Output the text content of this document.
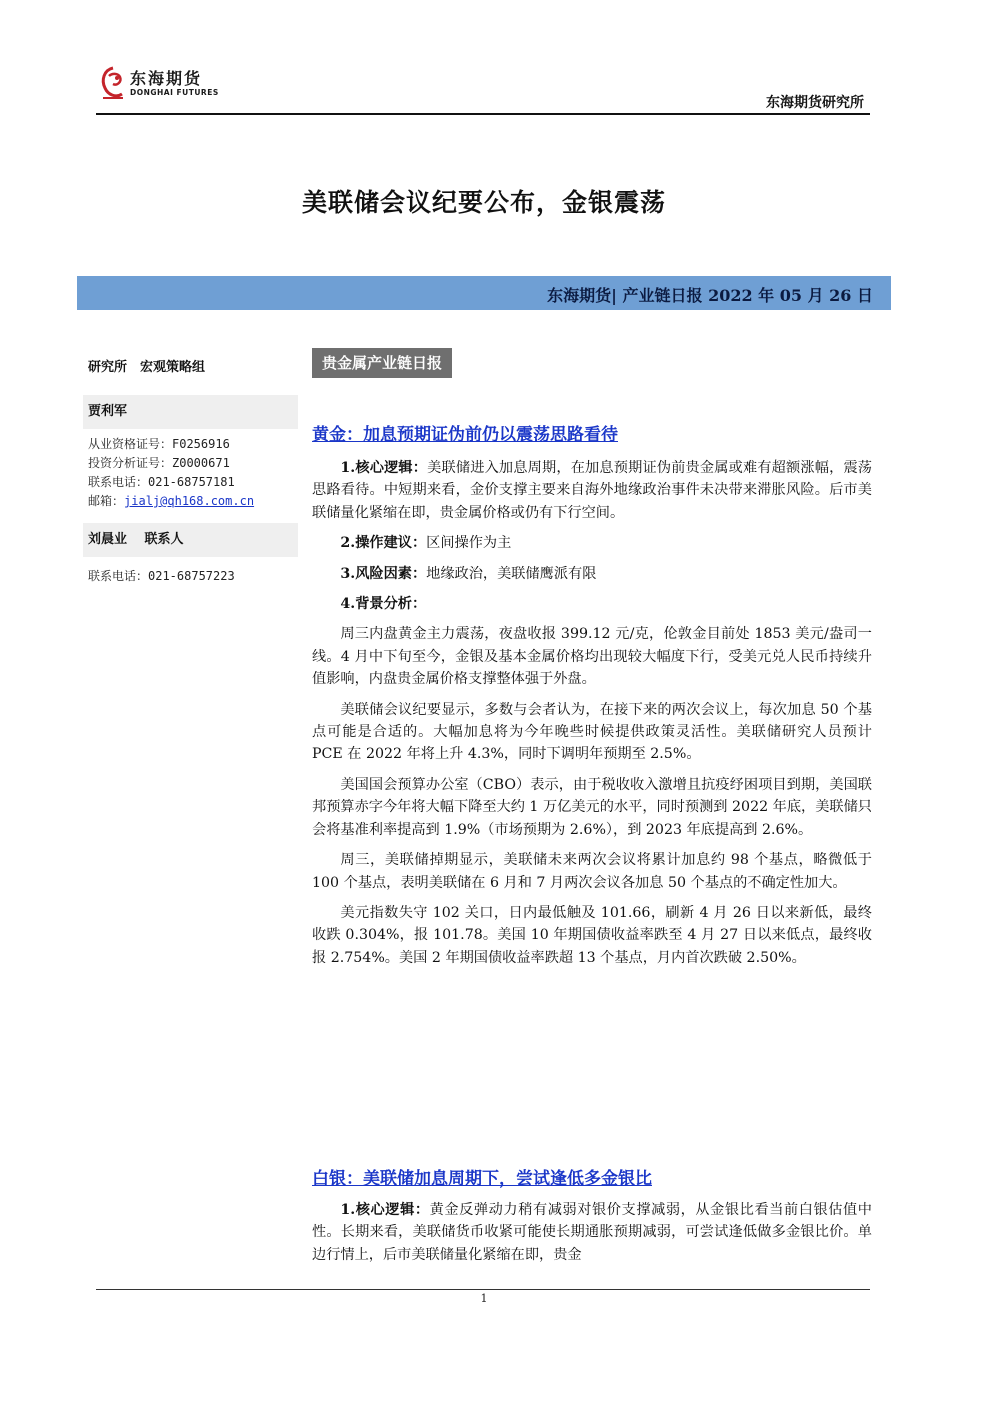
东海期货
DONGHAI FUTURES
东海期货研究所
美联储会议纪要公布，金银震荡
东海期货| 产业链日报 2022 年 05 月 26 日
研究所　宏观策略组
贾利军
从业资格证号：F0256916
投资分析证号：Z0000671
联系电话：021-68757181
邮箱：jialj@qh168.com.cn
刘晨业　 联系人
联系电话：021-68757223
贵金属产业链日报
黄金：加息预期证伪前仍以震荡思路看待

1.核心逻辑：美联储进入加息周期，在加息预期证伪前贵金属或难有超额涨幅，震荡思路看待。中短期来看，金价支撑主要来自海外地缘政治事件未决带来滞胀风险。后市美联储量化紧缩在即，贵金属价格或仍有下行空间。

2.操作建议：区间操作为主

3.风险因素：地缘政治，美联储鹰派有限

4.背景分析：

周三内盘黄金主力震荡，夜盘收报 399.12 元/克，伦敦金目前处 1853 美元/盎司一线。4 月中下旬至今，金银及基本金属价格均出现较大幅度下行，受美元兑人民币持续升值影响，内盘贵金属价格支撑整体强于外盘。

美联储会议纪要显示，多数与会者认为，在接下来的两次会议上，每次加息 50 个基点可能是合适的。大幅加息将为今年晚些时候提供政策灵活性。美联储研究人员预计 PCE 在 2022 年将上升 4.3%，同时下调明年预期至 2.5%。

美国国会预算办公室（CBO）表示，由于税收收入激增且抗疫纾困项目到期，美国联邦预算赤字今年将大幅下降至大约 1 万亿美元的水平，同时预测到 2022 年底，美联储只会将基准利率提高到 1.9%（市场预期为 2.6%），到 2023 年底提高到 2.6%。

周三，美联储掉期显示，美联储未来两次会议将累计加息约 98 个基点，略微低于 100 个基点，表明美联储在 6 月和 7 月两次会议各加息 50 个基点的不确定性加大。

美元指数失守 102 关口，日内最低触及 101.66，刷新 4 月 26 日以来新低，最终收跌 0.304%，报 101.78。美国 10 年期国债收益率跌至 4 月 27 日以来低点，最终收报 2.754%。美国 2 年期国债收益率跌超 13 个基点，月内首次跌破 2.50%。

白银：美联储加息周期下，尝试逢低多金银比

1.核心逻辑：黄金反弹动力稍有减弱对银价支撑减弱，从金银比看当前白银估值中性。长期来看，美联储货币收紧可能使长期通胀预期减弱，可尝试逢低做多金银比价。单边行情上，后市美联储量化紧缩在即，贵金

1
